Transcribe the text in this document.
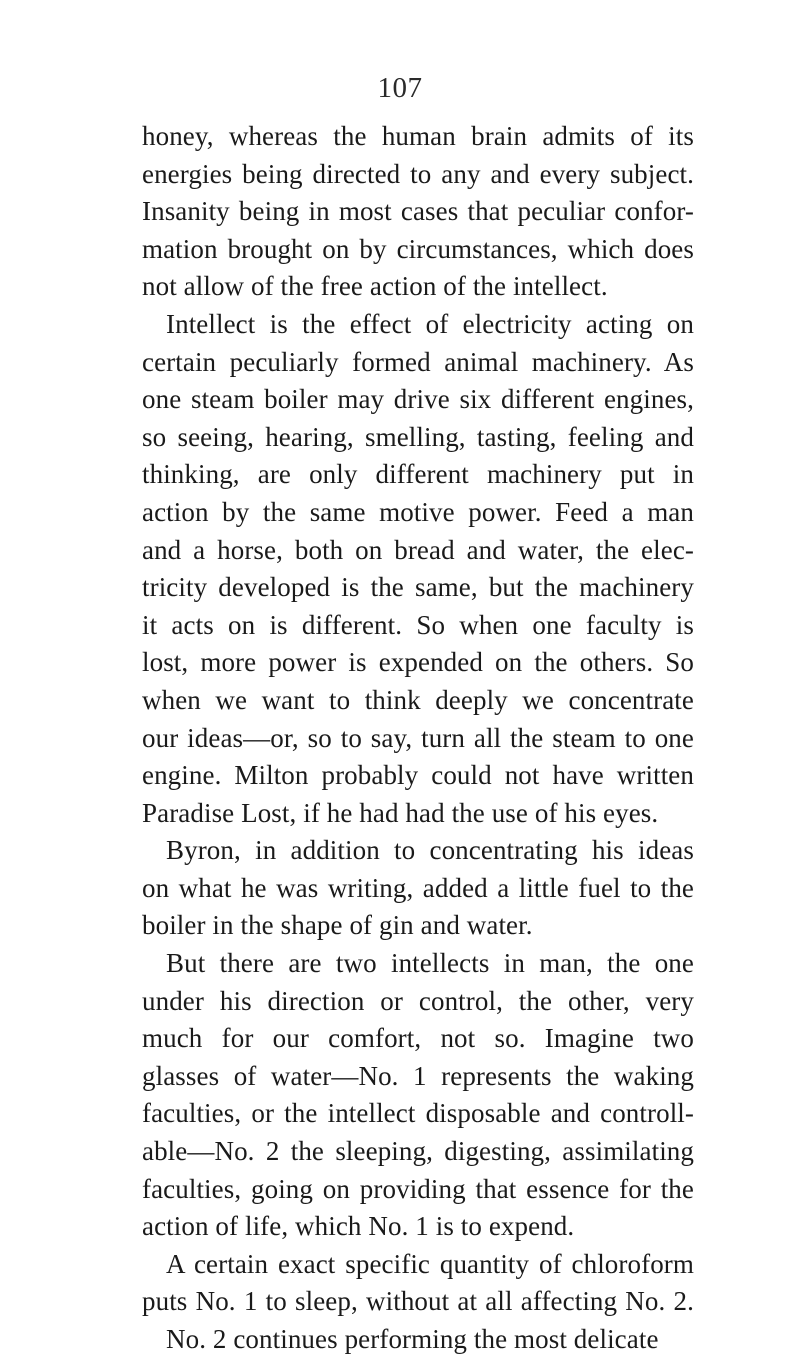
107
honey, whereas the human brain admits of its
energies being directed to any and every subject.
Insanity being in most cases that peculiar confor-
mation brought on by circumstances, which does
not allow of the free action of the intellect.
Intellect is the effect of electricity acting on
certain peculiarly formed animal machinery. As
one steam boiler may drive six different engines,
so seeing, hearing, smelling, tasting, feeling and
thinking, are only different machinery put in
action by the same motive power. Feed a man
and a horse, both on bread and water, the elec-
tricity developed is the same, but the machinery
it acts on is different. So when one faculty is
lost, more power is expended on the others. So
when we want to think deeply we concentrate
our ideas—or, so to say, turn all the steam to one
engine. Milton probably could not have written
Paradise Lost, if he had had the use of his eyes.
Byron, in addition to concentrating his ideas
on what he was writing, added a little fuel to the
boiler in the shape of gin and water.
But there are two intellects in man, the one
under his direction or control, the other, very
much for our comfort, not so. Imagine two
glasses of water—No. 1 represents the waking
faculties, or the intellect disposable and controll-
able—No. 2 the sleeping, digesting, assimilating
faculties, going on providing that essence for the
action of life, which No. 1 is to expend.
A certain exact specific quantity of chloroform
puts No. 1 to sleep, without at all affecting No. 2.
No. 2 continues performing the most delicate
